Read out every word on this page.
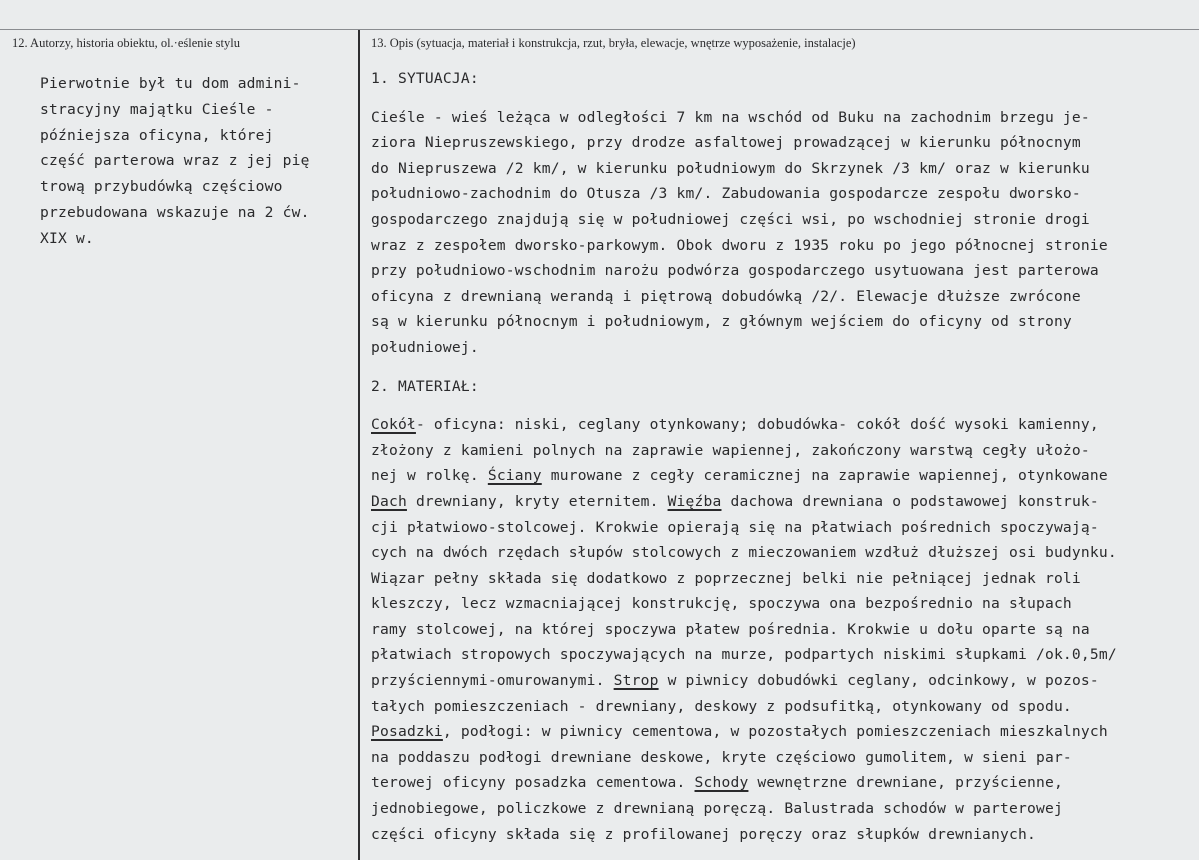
12. Autorzy, historia obiektu, ol.·eślenie stylu	13. Opis (sytuacja, materiał i konstrukcja, rzut, bryła, elewacje, wnętrze wyposażenie, instalacje)
Pierwotnie był tu dom admini-
stracyjny majątku Cieśle -
późniejsza oficyna, której
część parterowa wraz z jej pię
trową przybudówką częściowo
przebudowana wskazuje na 2 ćw.
XIX w.
1. SYTUACJA:
Cieśle - wieś leżąca w odległości 7 km na wschód od Buku na zachodnim brzegu je-
ziora Niepruszewskiego, przy drodze asfaltowej prowadzącej w kierunku północnym
do Niepruszewa /2 km/, w kierunku południowym do Skrzynek /3 km/ oraz w kierunku
południowo-zachodnim do Otusza /3 km/. Zabudowania gospodarcze zespołu dworsko-
gospodarczego znajdują się w południowej części wsi, po wschodniej stronie drogi
wraz z zespołem dworsko-parkowym. Obok dworu z 1935 roku po jego północnej stronie
przy południowo-wschodnim narożu podwórza gospodarczego usytuowana jest parterowa
oficyna z drewnianą werandą i piętrową dobudówką /2/. Elewacje dłuższe zwrócone
są w kierunku północnym i południowym, z głównym wejściem do oficyny od strony
południowej.
2. MATERIAŁ:
Cokół- oficyna: niski, ceglany otynkowany; dobudówka- cokół dość wysoki kamienny,
złożony z kamieni polnych na zaprawie wapiennej, zakończony warstwą cegły ułożo-
nej w rolkę. Ściany murowane z cegły ceramicznej na zaprawie wapiennej, otynkowane
Dach drewniany, kryty eternitem. Więźba dachowa drewniana o podstawowej konstruk-
cji płatwiowo-stolcowej. Krokwie opierają się na płatwiach pośrednich spoczywają-
cych na dwóch rzędach słupów stolcowych z mieczowaniem wzdłuż dłuższej osi budynku.
Wiązar pełny składa się dodatkowo z poprzecznej belki nie pełniącej jednak roli
kleszczy, lecz wzmacniającej konstrukcję, spoczywa ona bezpośrednio na słupach
ramy stolcowej, na której spoczywa płatew pośrednia. Krokwie u dołu oparte są na
płatwiach stropowych spoczywających na murze, podpartych niskimi słupkami /ok.0,5m/
przyściennymi-omurowanymi. Strop w piwnicy dobudówki ceglany, odcinkowy, w pozos-
tałych pomieszczeniach - drewniany, deskowy z podsufitką, otynkowany od spodu.
Posadzki, podłogi: w piwnicy cementowa, w pozostałych pomieszczeniach mieszkalnych
na poddaszu podłogi drewniane deskowe, kryte częściowo gumolitem, w sieni par-
terowej oficyny posadzka cementowa. Schody wewnętrzne drewniane, przyścienne,
jednobiegowe, policzkowe z drewnianą poręczą. Balustrada schodów w parterowej
części oficyny składa się z profilowanej poręczy oraz słupków drewnianych.
